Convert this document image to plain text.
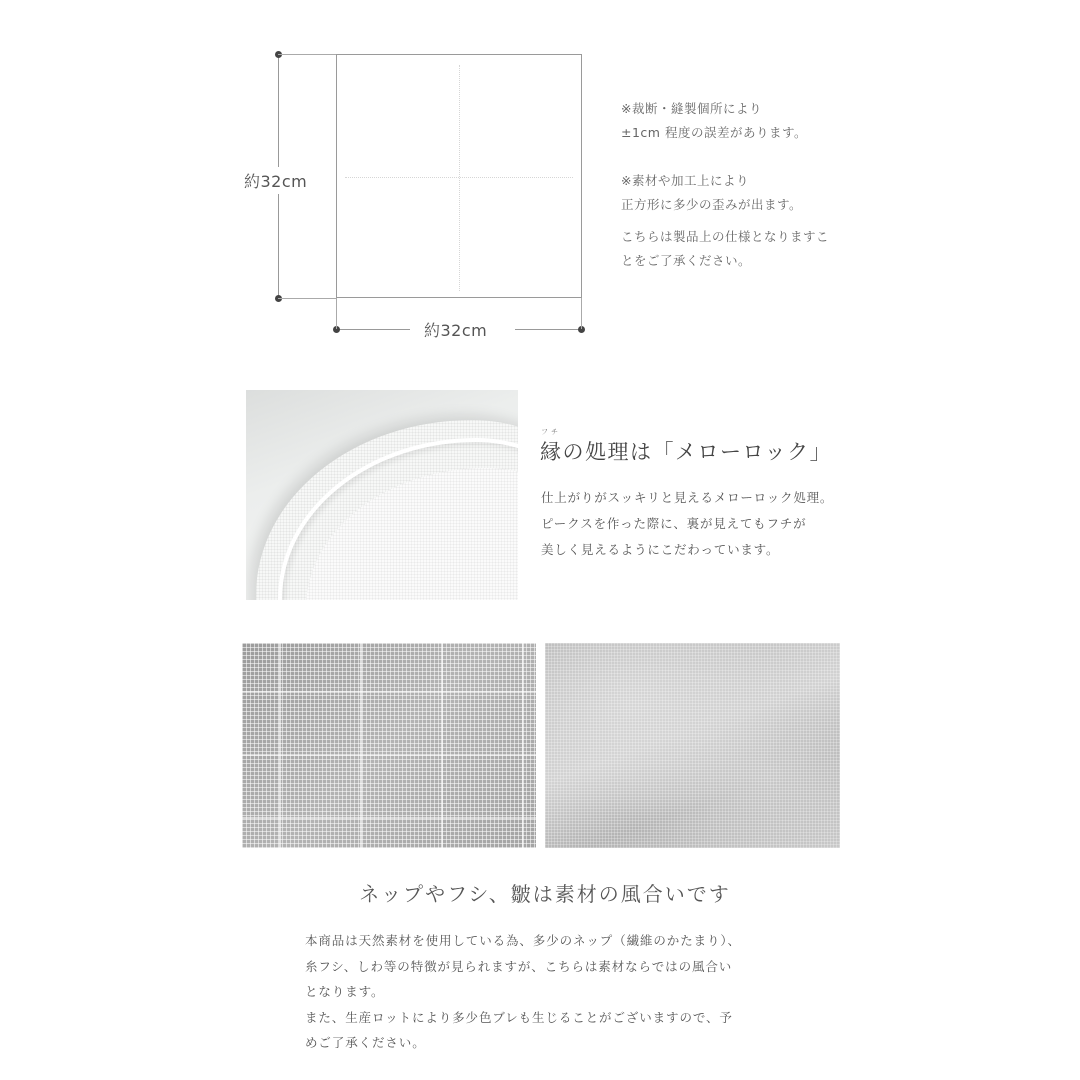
約32cm
約32cm

※裁断・縫製個所により
±1cm 程度の誤差があります。

※素材や加工上により
正方形に多少の歪みが出ます。

こちらは製品上の仕様となりますこ
とをご了承ください。

フチ
縁の処理は「メローロック」
仕上がりがスッキリと見えるメローロック処理。
ピークスを作った際に、裏が見えてもフチが
美しく見えるようにこだわっています。
ネップやフシ、皺は素材の風合いです
本商品は天然素材を使用している為、多少のネップ（繊維のかたまり）、
糸フシ、しわ等の特徴が見られますが、こちらは素材ならではの風合い
となります。
また、生産ロットにより多少色ブレも生じることがございますので、予
めご了承ください。
